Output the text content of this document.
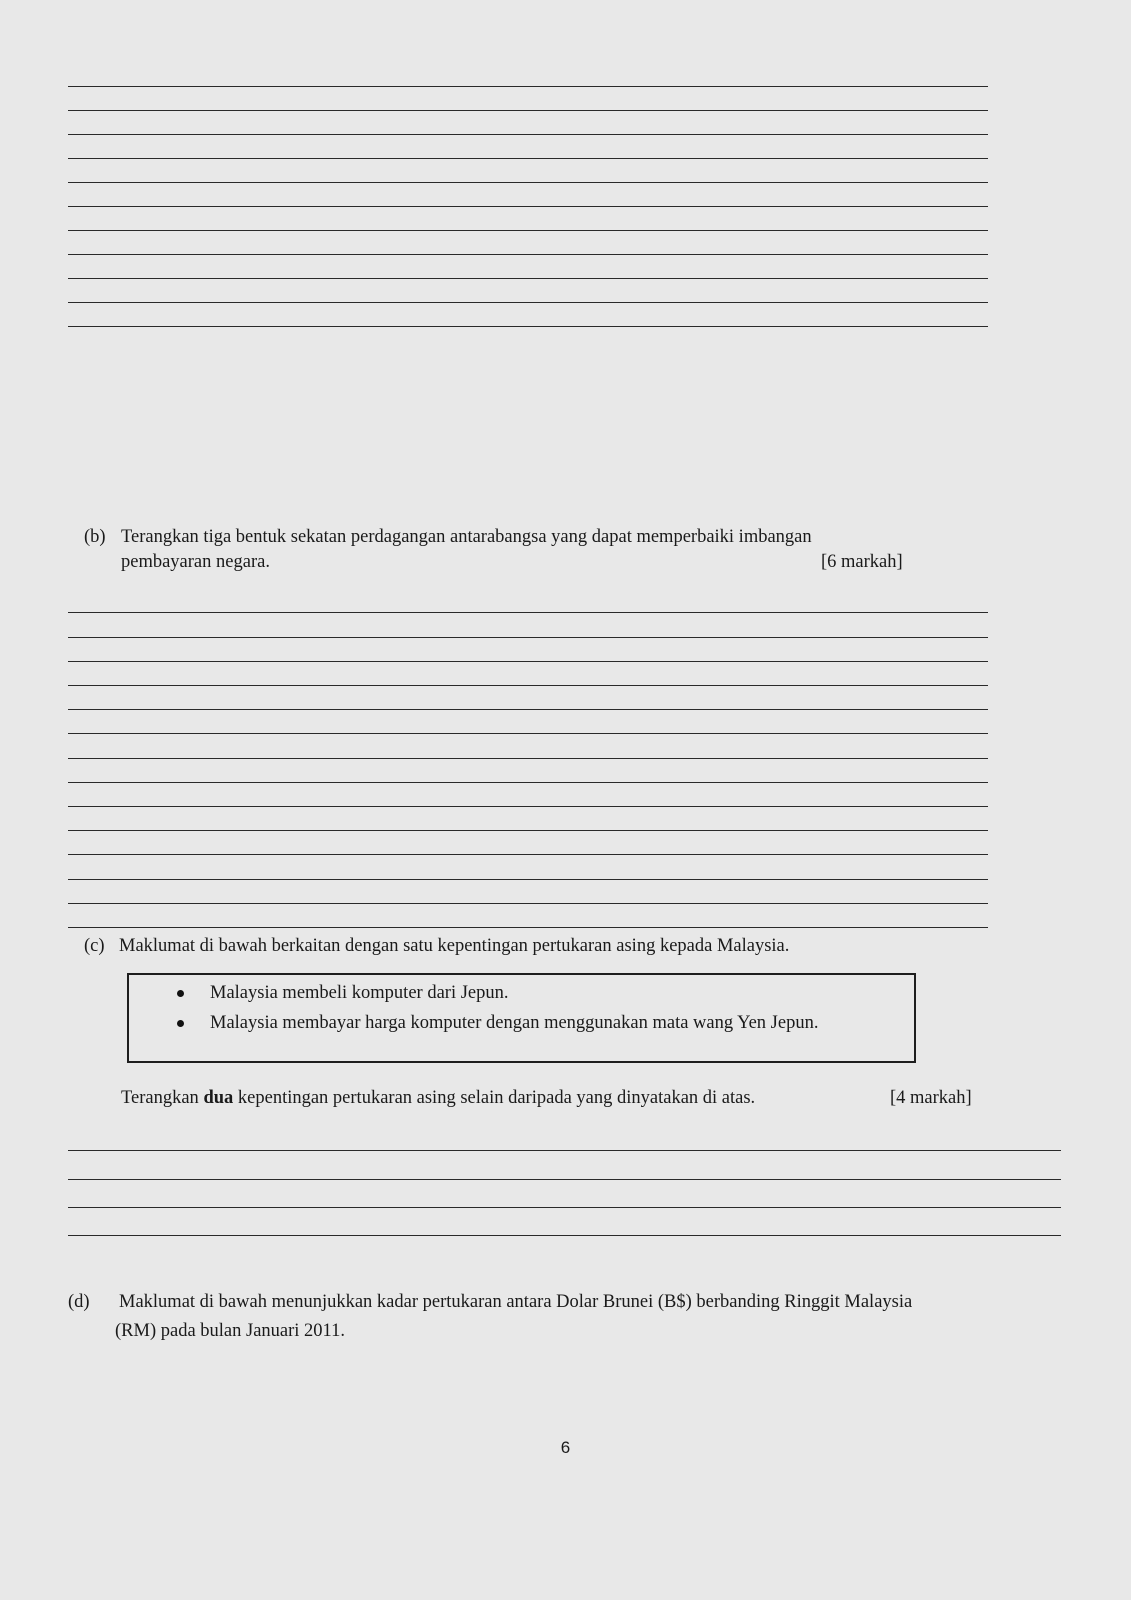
(b) Terangkan tiga bentuk sekatan perdagangan antarabangsa yang dapat memperbaiki imbangan
pembayaran negara.	[6 markah]
(c) Maklumat di bawah berkaitan dengan satu kepentingan pertukaran asing kepada Malaysia.
Malaysia membeli komputer dari Jepun.
Malaysia membayar harga komputer dengan menggunakan mata wang Yen Jepun.
Terangkan dua kepentingan pertukaran asing selain daripada yang dinyatakan di atas.	[4 markah]
(d) Maklumat di bawah menunjukkan kadar pertukaran antara Dolar Brunei (B$) berbanding Ringgit Malaysia
(RM) pada bulan Januari 2011.
6
